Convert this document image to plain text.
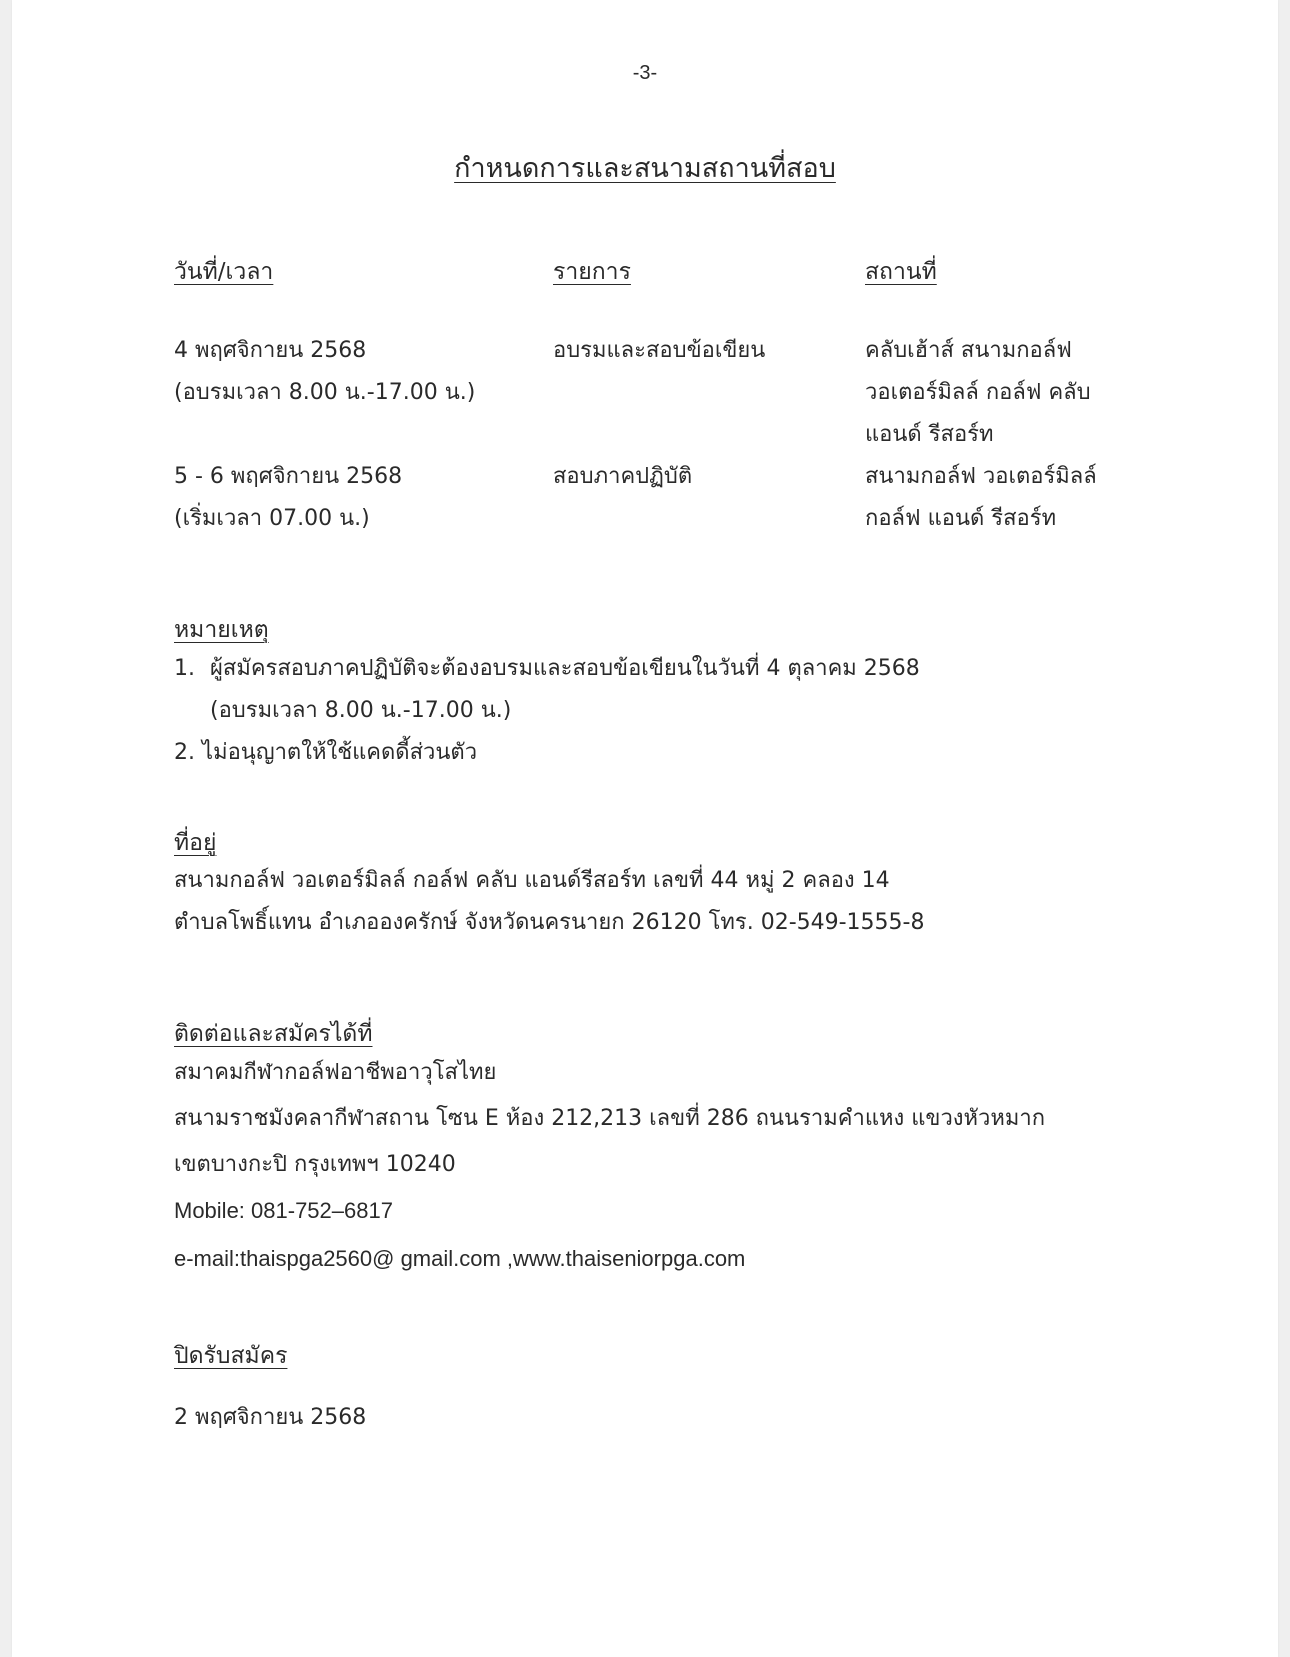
-3-
กำหนดการและสนามสถานที่สอบ
วันที่/เวลา	รายการ	สถานที่
4 พฤศจิกายน 2568
(อบรมเวลา 8.00 น.-17.00 น.)
อบรมและสอบข้อเขียน	คลับเฮ้าส์ สนามกอล์ฟ
วอเตอร์มิลล์ กอล์ฟ คลับ
แอนด์ รีสอร์ท
5 - 6 พฤศจิกายน 2568
(เริ่มเวลา 07.00 น.)
สอบภาคปฏิบัติ	สนามกอล์ฟ วอเตอร์มิลล์
กอล์ฟ แอนด์ รีสอร์ท
หมายเหตุ
1. ผู้สมัครสอบภาคปฏิบัติจะต้องอบรมและสอบข้อเขียนในวันที่ 4 ตุลาคม 2568
(อบรมเวลา 8.00 น.-17.00 น.)
2. ไม่อนุญาตให้ใช้แคดดี้ส่วนตัว
ที่อยู่
สนามกอล์ฟ วอเตอร์มิลล์ กอล์ฟ คลับ แอนด์รีสอร์ท เลขที่ 44 หมู่ 2 คลอง 14
ตำบลโพธิ์แทน อำเภอองครักษ์ จังหวัดนครนายก 26120 โทร. 02-549-1555-8
ติดต่อและสมัครได้ที่
สมาคมกีฬากอล์ฟอาชีพอาวุโสไทย
สนามราชมังคลากีฬาสถาน โซน E ห้อง 212,213 เลขที่ 286 ถนนรามคำแหง แขวงหัวหมาก
เขตบางกะปิ กรุงเทพฯ 10240
Mobile: 081-752–6817
e-mail:thaispga2560@ gmail.com ,www.thaiseniorpga.com
ปิดรับสมัคร
2 พฤศจิกายน 2568
